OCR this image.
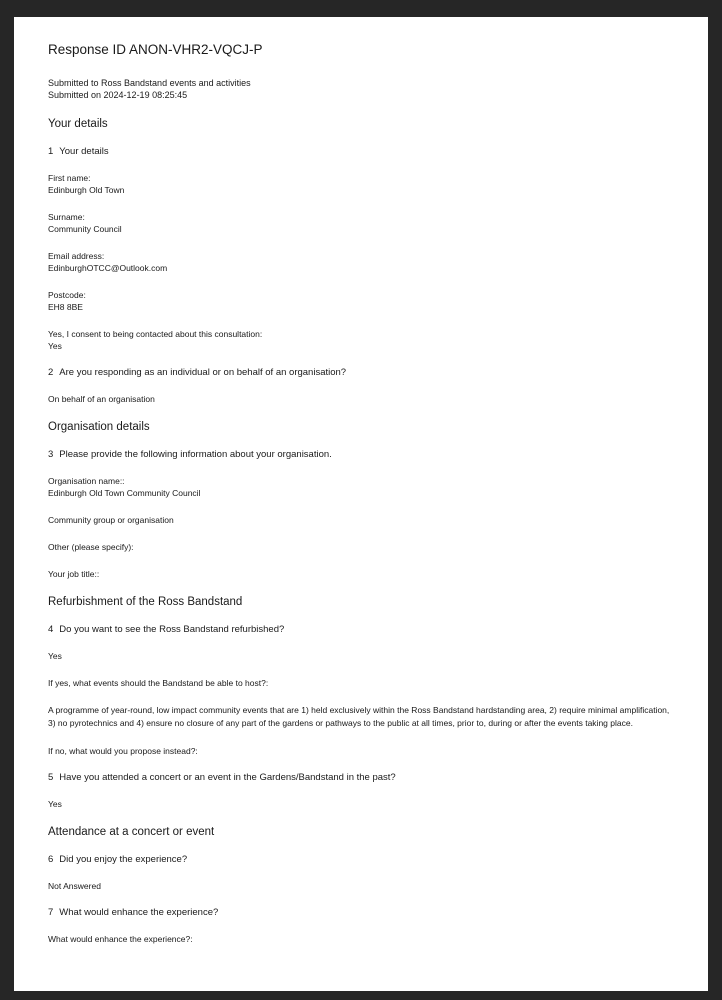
Response ID ANON-VHR2-VQCJ-P

Submitted to Ross Bandstand events and activities

Submitted on 2024-12-19 08:25:45

Your details

1 Your details

First name:

Edinburgh Old Town

Surname:

Community Council

Email address:

EdinburghOTCC@Outlook.com

Postcode:

EH8 8BE

Yes, I consent to being contacted about this consultation:

Yes

2 Are you responding as an individual or on behalf of an organisation?

On behalf of an organisation

Organisation details

3 Please provide the following information about your organisation.

Organisation name::

Edinburgh Old Town Community Council

Community group or organisation

Other (please specify):

Your job title::

Refurbishment of the Ross Bandstand

4 Do you want to see the Ross Bandstand refurbished?

Yes

If yes, what events should the Bandstand be able to host?:

A programme of year-round, low impact community events that are 1) held exclusively within the Ross Bandstand hardstanding area, 2) require minimal amplification, 3) no pyrotechnics and 4) ensure no closure of any part of the gardens or pathways to the public at all times, prior to, during or after the events taking place.

If no, what would you propose instead?:

5 Have you attended a concert or an event in the Gardens/Bandstand in the past?

Yes

Attendance at a concert or event

6 Did you enjoy the experience?

Not Answered

7 What would enhance the experience?

What would enhance the experience?:
